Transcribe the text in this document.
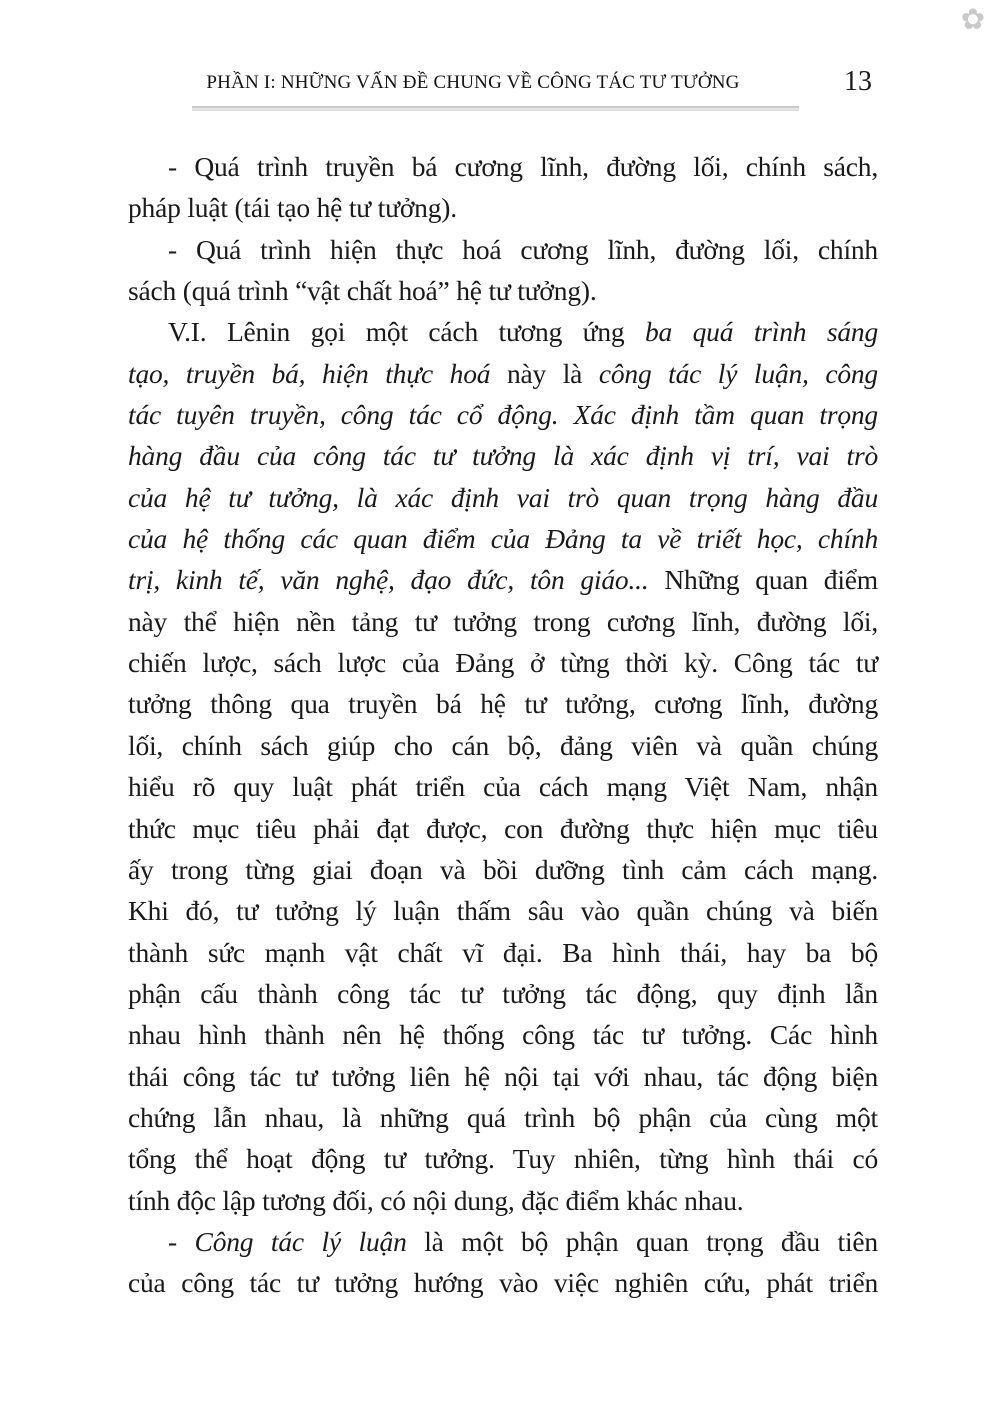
✿
PHẦN I: NHỮNG VẤN ĐỀ CHUNG VỀ CÔNG TÁC TƯ TƯỞNG	13
- Quá trình truyền bá cương lĩnh, đường lối, chính sách,
pháp luật (tái tạo hệ tư tưởng).
- Quá trình hiện thực hoá cương lĩnh, đường lối, chính
sách (quá trình “vật chất hoá” hệ tư tưởng).
V.I. Lênin gọi một cách tương ứng ba quá trình sáng
tạo, truyền bá, hiện thực hoá này là công tác lý luận, công
tác tuyên truyền, công tác cổ động. Xác định tầm quan trọng
hàng đầu của công tác tư tưởng là xác định vị trí, vai trò
của hệ tư tưởng, là xác định vai trò quan trọng hàng đầu
của hệ thống các quan điểm của Đảng ta về triết học, chính
trị, kinh tế, văn nghệ, đạo đức, tôn giáo... Những quan điểm
này thể hiện nền tảng tư tưởng trong cương lĩnh, đường lối,
chiến lược, sách lược của Đảng ở từng thời kỳ. Công tác tư
tưởng thông qua truyền bá hệ tư tưởng, cương lĩnh, đường
lối, chính sách giúp cho cán bộ, đảng viên và quần chúng
hiểu rõ quy luật phát triển của cách mạng Việt Nam, nhận
thức mục tiêu phải đạt được, con đường thực hiện mục tiêu
ấy trong từng giai đoạn và bồi dưỡng tình cảm cách mạng.
Khi đó, tư tưởng lý luận thấm sâu vào quần chúng và biến
thành sức mạnh vật chất vĩ đại. Ba hình thái, hay ba bộ
phận cấu thành công tác tư tưởng tác động, quy định lẫn
nhau hình thành nên hệ thống công tác tư tưởng. Các hình
thái công tác tư tưởng liên hệ nội tại với nhau, tác động biện
chứng lẫn nhau, là những quá trình bộ phận của cùng một
tổng thể hoạt động tư tưởng. Tuy nhiên, từng hình thái có
tính độc lập tương đối, có nội dung, đặc điểm khác nhau.
- Công tác lý luận là một bộ phận quan trọng đầu tiên
của công tác tư tưởng hướng vào việc nghiên cứu, phát triển
